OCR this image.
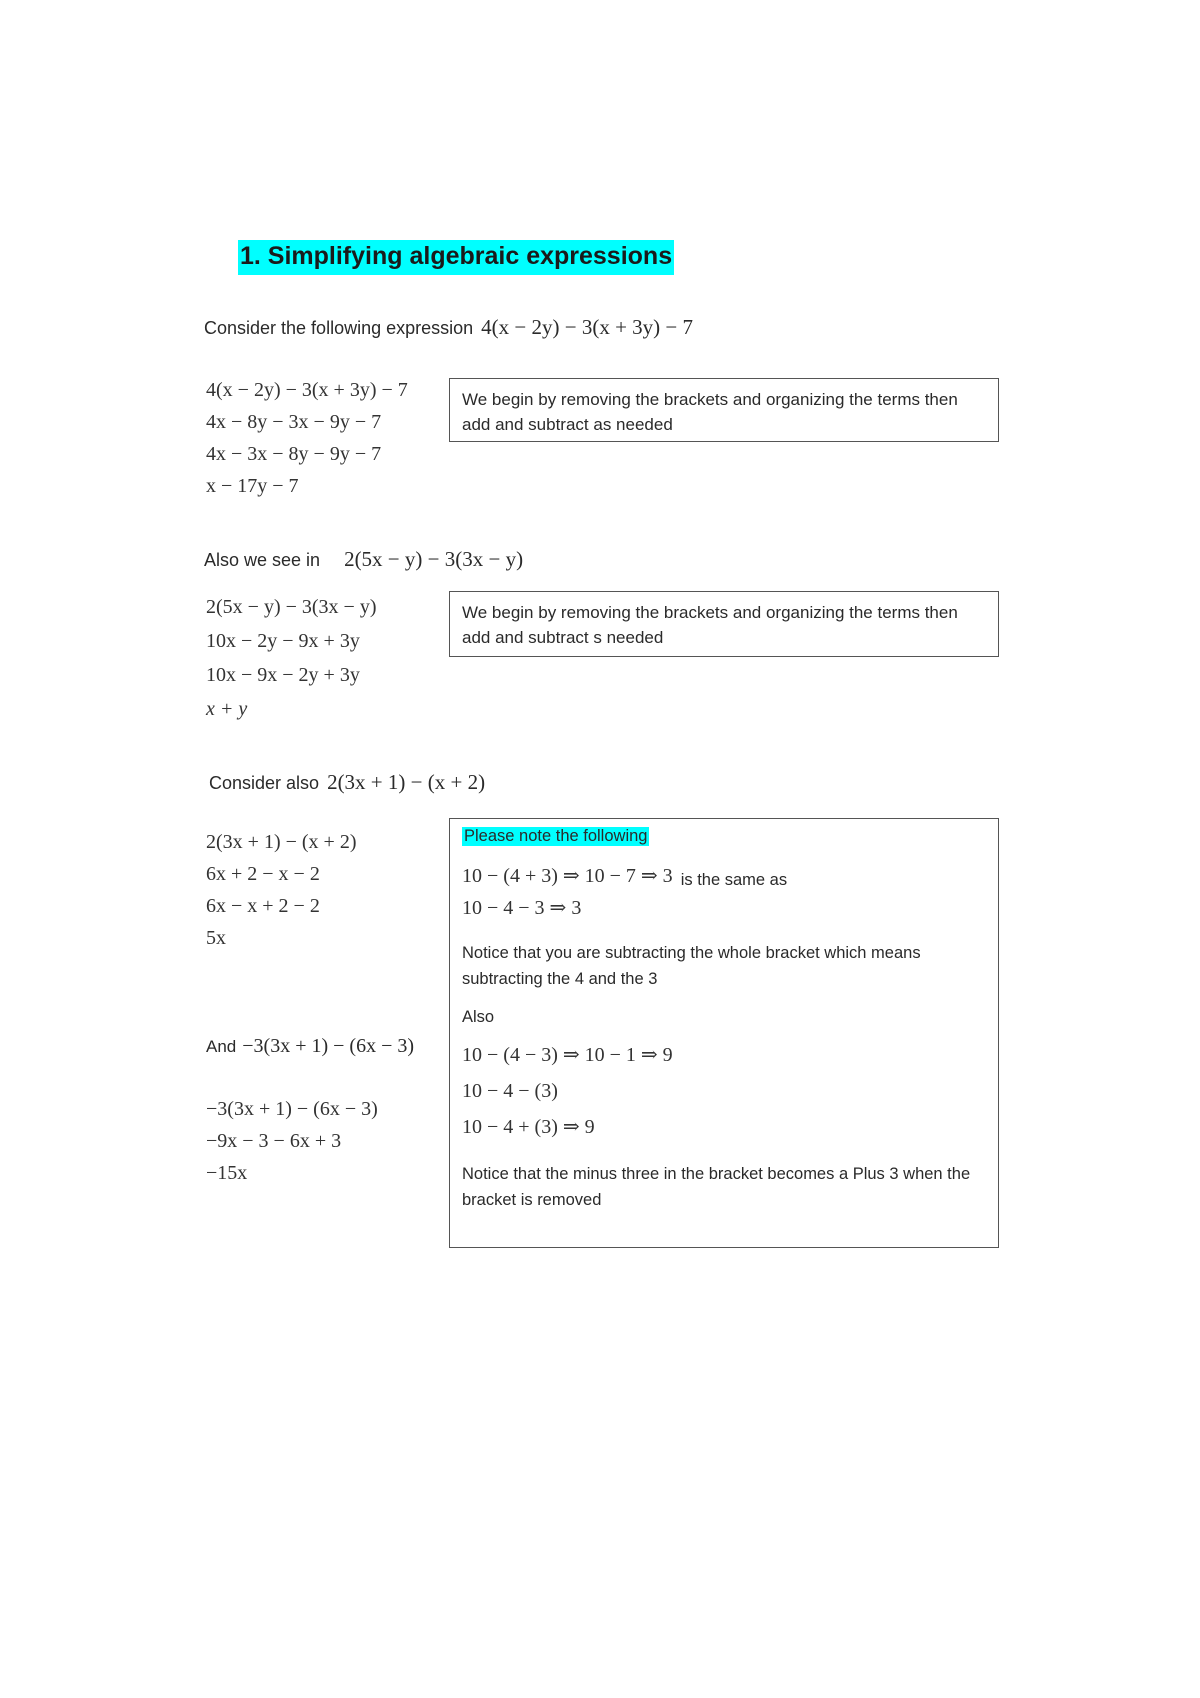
1. Simplifying algebraic expressions
Consider the following expression 4(x − 2y) − 3(x + 3y) − 7
4(x − 2y) − 3(x + 3y) − 7
4x − 8y − 3x − 9y − 7
4x − 3x − 8y − 9y − 7
x − 17y − 7
We begin by removing the brackets and organizing the terms then add and subtract as needed
Also we see in 2(5x − y) − 3(3x − y)
2(5x − y) − 3(3x − y)
10x − 2y − 9x + 3y
10x − 9x − 2y + 3y
x + y
We begin by removing the brackets and organizing the terms then add and subtract s needed
Consider also 2(3x + 1) − (x + 2)
2(3x + 1) − (x + 2)
6x + 2 − x − 2
6x − x + 2 − 2
5x
And −3(3x + 1) − (6x − 3)
−3(3x + 1) − (6x − 3)
−9x − 3 − 6x + 3
−15x
Please note the following
10 − (4 + 3) ⇒ 10 − 7 ⇒ 3
10 − 4 − 3 ⇒ 3
is the same as
Notice that you are subtracting the whole bracket which means subtracting the 4 and the 3
Also
10 − (4 − 3) ⇒ 10 − 1 ⇒ 9
10 − 4 − (3)
10 − 4 + (3) ⇒ 9
Notice that the minus three in the bracket becomes a Plus 3 when the bracket is removed
